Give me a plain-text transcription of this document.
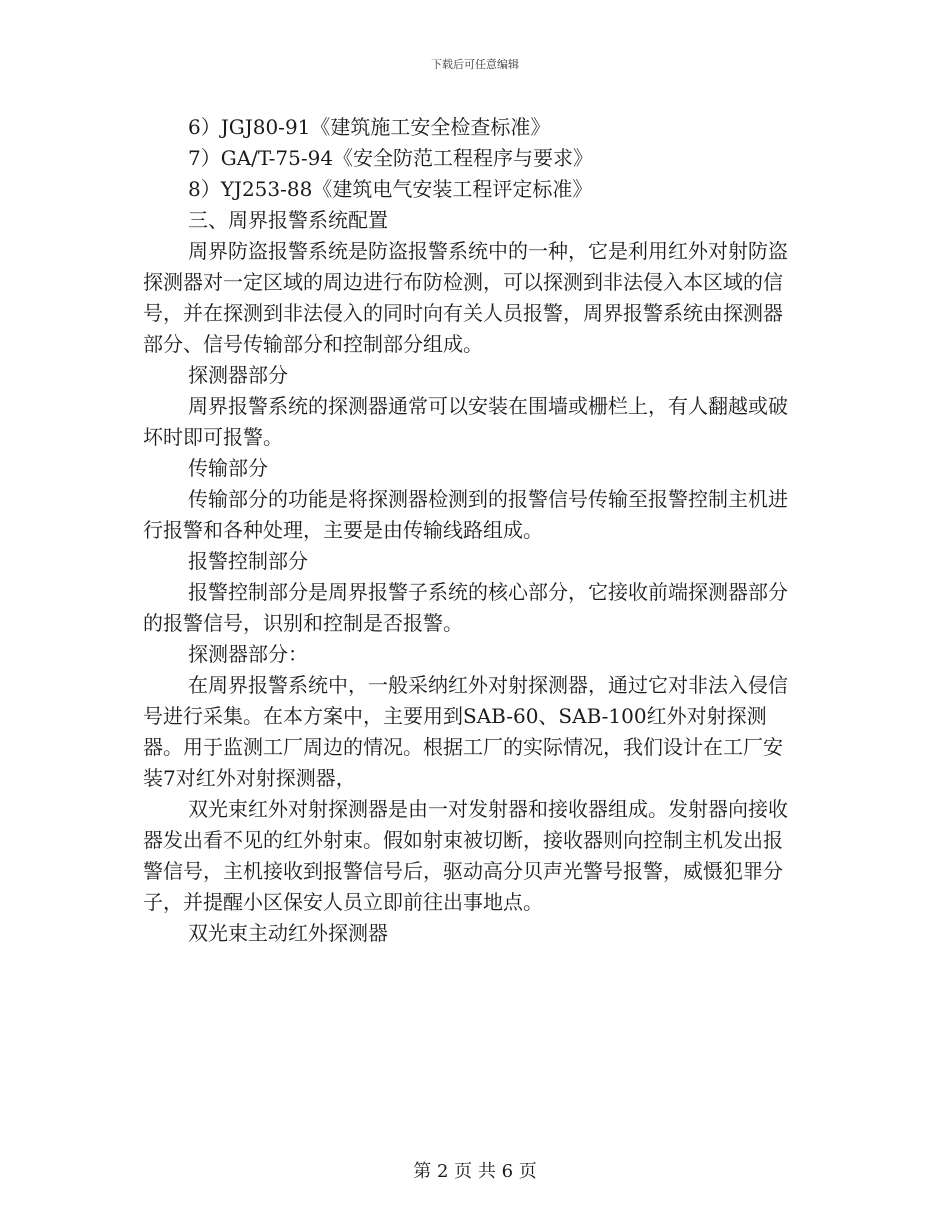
下载后可任意编辑

6）JGJ80-91《建筑施工安全检查标准》

7）GA/T-75-94《安全防范工程程序与要求》

8）YJ253-88《建筑电气安装工程评定标准》

三、周界报警系统配置

周界防盗报警系统是防盗报警系统中的一种，它是利用红外对射防盗探测器对一定区域的周边进行布防检测，可以探测到非法侵入本区域的信号，并在探测到非法侵入的同时向有关人员报警，周界报警系统由探测器部分、信号传输部分和控制部分组成。

探测器部分

周界报警系统的探测器通常可以安装在围墙或栅栏上，有人翻越或破坏时即可报警。

传输部分

传输部分的功能是将探测器检测到的报警信号传输至报警控制主机进行报警和各种处理，主要是由传输线路组成。

报警控制部分

报警控制部分是周界报警子系统的核心部分，它接收前端探测器部分的报警信号，识别和控制是否报警。

探测器部分：

在周界报警系统中，一般采纳红外对射探测器，通过它对非法入侵信号进行采集。在本方案中，主要用到SAB-60、SAB-100红外对射探测器。用于监测工厂周边的情况。根据工厂的实际情况，我们设计在工厂安装7对红外对射探测器，

双光束红外对射探测器是由一对发射器和接收器组成。发射器向接收器发出看不见的红外射束。假如射束被切断，接收器则向控制主机发出报警信号，主机接收到报警信号后，驱动高分贝声光警号报警，威慑犯罪分子，并提醒小区保安人员立即前往出事地点。

双光束主动红外探测器

第 2 页 共 6 页
